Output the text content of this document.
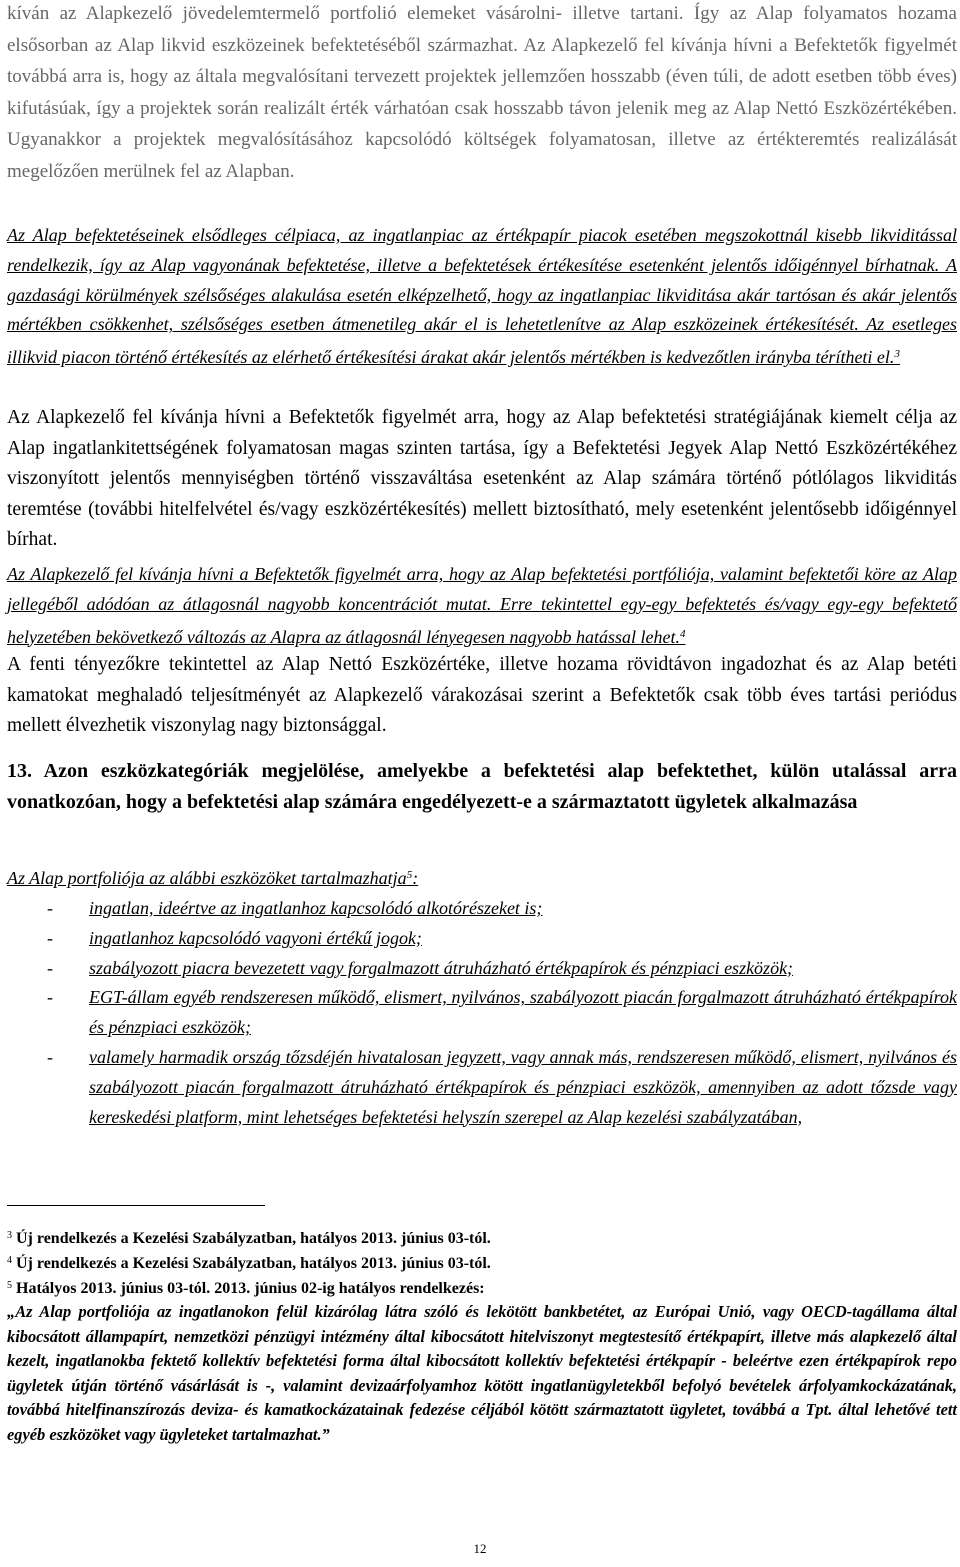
kíván az Alapkezelő jövedelemtermelő portfolió elemeket vásárolni- illetve tartani. Így az Alap folyamatos hozama elsősorban az Alap likvid eszközeinek befektetéséből származhat. Az Alapkezelő fel kívánja hívni a Befektetők figyelmét továbbá arra is, hogy az általa megvalósítani tervezett projektek jellemzően hosszabb (éven túli, de adott esetben több éves) kifutásúak, így a projektek során realizált érték várhatóan csak hosszabb távon jelenik meg az Alap Nettó Eszközértékében. Ugyanakkor a projektek megvalósításához kapcsolódó költségek folyamatosan, illetve az értékteremtés realizálását megelőzően merülnek fel az Alapban.

Az Alap befektetéseinek elsődleges célpiaca, az ingatlanpiac az értékpapír piacok esetében megszokottnál kisebb likviditással rendelkezik, így az Alap vagyonának befektetése, illetve a befektetések értékesítése esetenként jelentős időigénnyel bírhatnak. A gazdasági körülmények szélsőséges alakulása esetén elképzelhető, hogy az ingatlanpiac likviditása akár tartósan és akár jelentős mértékben csökkenhet, szélsőséges esetben átmenetileg akár el is lehetetlenítve az Alap eszközeinek értékesítését. Az esetleges illikvid piacon történő értékesítés az elérhető értékesítési árakat akár jelentős mértékben is kedvezőtlen irányba térítheti el.$^3$

Az Alapkezelő fel kívánja hívni a Befektetők figyelmét arra, hogy az Alap befektetési stratégiájának kiemelt célja az Alap ingatlankitettségének folyamatosan magas szinten tartása, így a Befektetési Jegyek Alap Nettó Eszközértékéhez viszonyított jelentős mennyiségben történő visszaváltása esetenként az Alap számára történő pótlólagos likviditás teremtése (további hitelfelvétel és/vagy eszközértékesítés) mellett biztosítható, mely esetenként jelentősebb időigénnyel bírhat.

Az Alapkezelő fel kívánja hívni a Befektetők figyelmét arra, hogy az Alap befektetési portfóliója, valamint befektetői köre az Alap jellegéből adódóan az átlagosnál nagyobb koncentrációt mutat. Erre tekintettel egy-egy befektetés és/vagy egy-egy befektető helyzetében bekövetkező változás az Alapra az átlagosnál lényegesen nagyobb hatással lehet.$^4$

A fenti tényezőkre tekintettel az Alap Nettó Eszközértéke, illetve hozama rövidtávon ingadozhat és az Alap betéti kamatokat meghaladó teljesítményét az Alapkezelő várakozásai szerint a Befektetők csak több éves tartási periódus mellett élvezhetik viszonylag nagy biztonsággal.

13. Azon eszközkategóriák megjelölése, amelyekbe a befektetési alap befektethet, külön utalással arra vonatkozóan, hogy a befektetési alap számára engedélyezett-e a származtatott ügyletek alkalmazása

Az Alap portfoliója az alábbi eszközöket tartalmazhatja$^5$:

- ingatlan, ideértve az ingatlanhoz kapcsolódó alkotórészeket is;
- ingatlanhoz kapcsolódó vagyoni értékű jogok;
- szabályozott piacra bevezetett vagy forgalmazott átruházható értékpapírok és pénzpiaci eszközök;
- EGT-állam egyéb rendszeresen működő, elismert, nyilvános, szabályozott piacán forgalmazott átruházható értékpapírok és pénzpiaci eszközök;
- valamely harmadik ország tőzsdéjén hivatalosan jegyzett, vagy annak más, rendszeresen működő, elismert, nyilvános és szabályozott piacán forgalmazott átruházható értékpapírok és pénzpiaci eszközök, amennyiben az adott tőzsde vagy kereskedési platform, mint lehetséges befektetési helyszín szerepel az Alap kezelési szabályzatában,

$^3$ Új rendelkezés a Kezelési Szabályzatban, hatályos 2013. június 03-tól.

$^4$ Új rendelkezés a Kezelési Szabályzatban, hatályos 2013. június 03-tól.

$^5$ Hatályos 2013. június 03-tól. 2013. június 02-ig hatályos rendelkezés:

„Az Alap portfoliója az ingatlanokon felül kizárólag látra szóló és lekötött bankbetétet, az Európai Unió, vagy OECD-tagállama által kibocsátott állampapírt, nemzetközi pénzügyi intézmény által kibocsátott hitelviszonyt megtestesítő értékpapírt, illetve más alapkezelő által kezelt, ingatlanokba fektető kollektív befektetési forma által kibocsátott kollektív befektetési értékpapír - beleértve ezen értékpapírok repo ügyletek útján történő vásárlását is -, valamint devizaárfolyamhoz kötött ingatlanügyletekből befolyó bevételek árfolyamkockázatának, továbbá hitelfinanszírozás deviza- és kamatkockázatainak fedezése céljából kötött származtatott ügyletet, továbbá a Tpt. által lehetővé tett egyéb eszközöket vagy ügyleteket tartalmazhat.”

12
